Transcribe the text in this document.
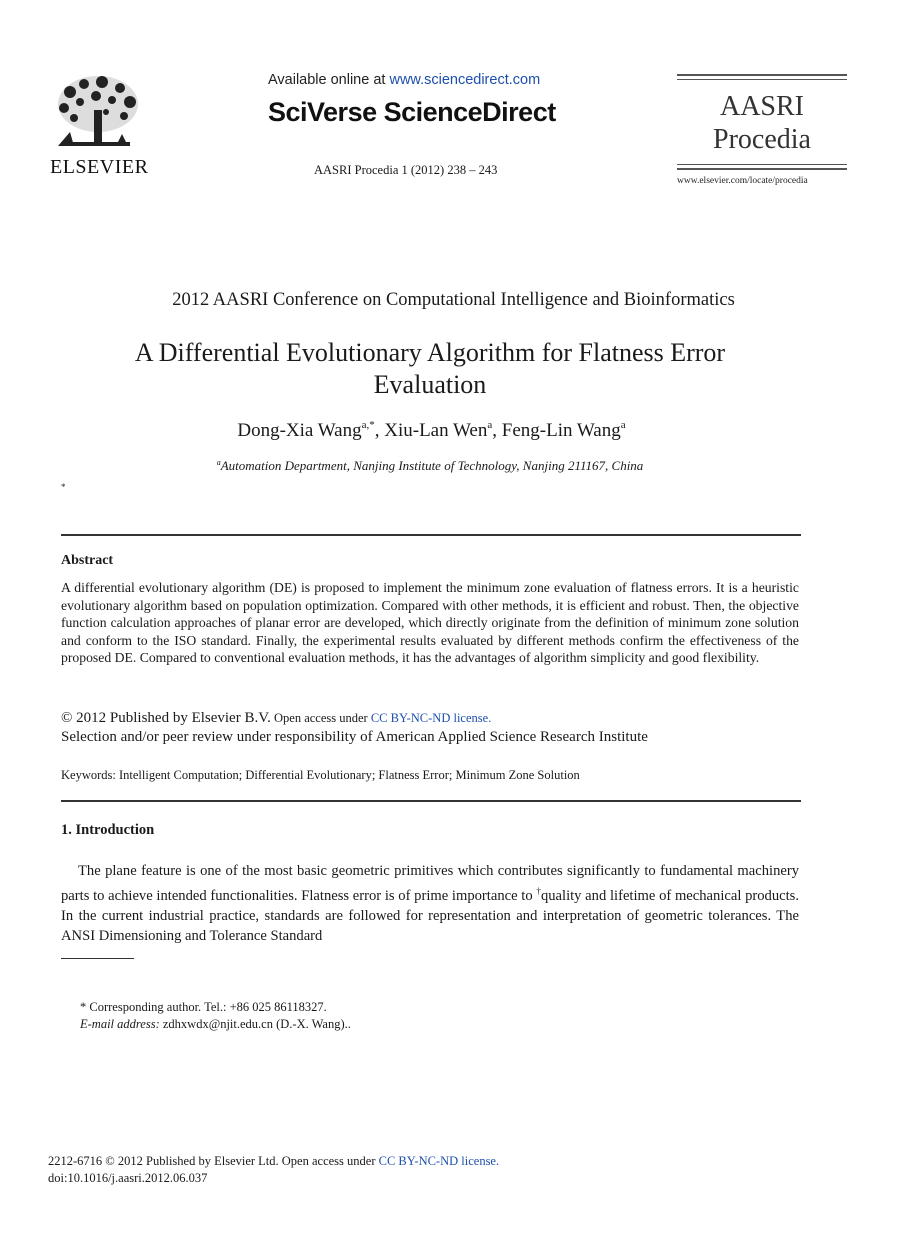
ELSEVIER
Available online at www.sciencedirect.com
SciVerse ScienceDirect
AASRI Procedia 1 (2012) 238 – 243
AASRI
Procedia
www.elsevier.com/locate/procedia
2012 AASRI Conference on Computational Intelligence and Bioinformatics
A Differential Evolutionary Algorithm for Flatness Error Evaluation
Dong-Xia Wang$^{a,*}$, Xiu-Lan Wen$^a$, Feng-Lin Wang$^a$
$^a$Automation Department, Nanjing Institute of Technology, Nanjing 211167, China
*
Abstract
A differential evolutionary algorithm (DE) is proposed to implement the minimum zone evaluation of flatness errors. It is a heuristic evolutionary algorithm based on population optimization. Compared with other methods, it is efficient and robust. Then, the objective function calculation approaches of planar error are developed, which directly originate from the definition of minimum zone solution and conform to the ISO standard. Finally, the experimental results evaluated by different methods confirm the effectiveness of the proposed DE. Compared to conventional evaluation methods, it has the advantages of algorithm simplicity and good flexibility.
© 2012 Published by Elsevier B.V. Open access under CC BY-NC-ND license.
Selection and/or peer review under responsibility of American Applied Science Research Institute
Keywords: Intelligent Computation; Differential Evolutionary; Flatness Error; Minimum Zone Solution
1. Introduction
The plane feature is one of the most basic geometric primitives which contributes significantly to fundamental machinery parts to achieve intended functionalities. Flatness error is of prime importance to †quality and lifetime of mechanical products. In the current industrial practice, standards are followed for representation and interpretation of geometric tolerances. The ANSI Dimensioning and Tolerance Standard
* Corresponding author. Tel.: +86 025 86118327.
E-mail address: zdhxwdx@njit.edu.cn (D.-X. Wang)..
2212-6716 © 2012 Published by Elsevier Ltd. Open access under CC BY-NC-ND license.
doi:10.1016/j.aasri.2012.06.037
